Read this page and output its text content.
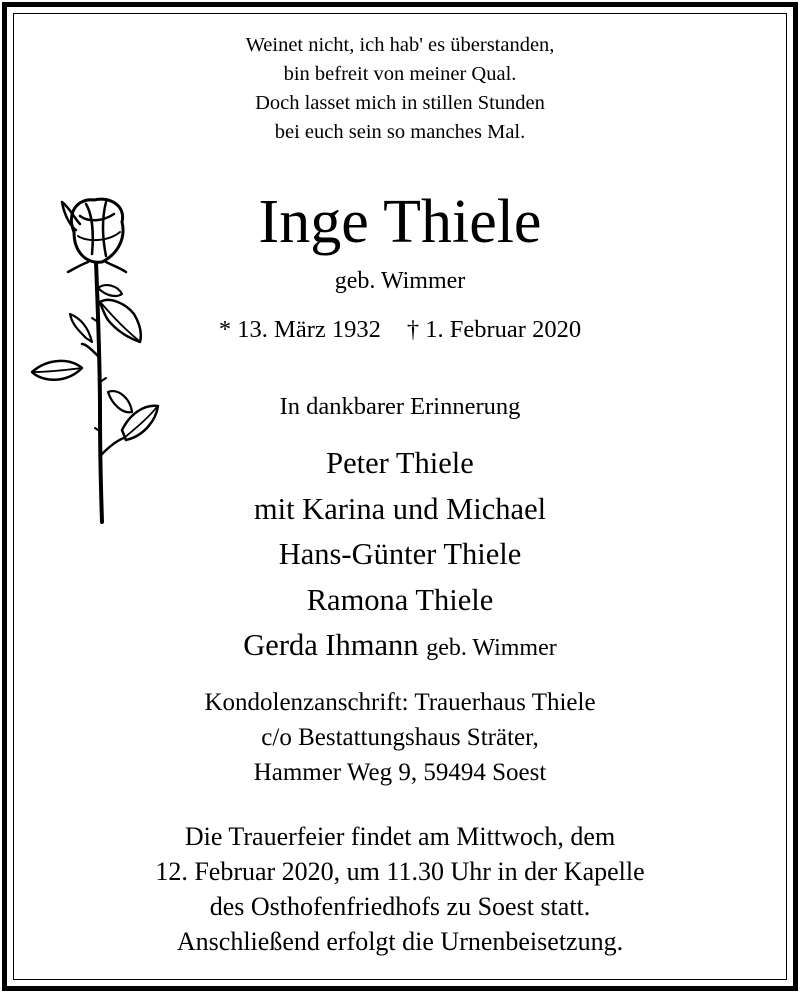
Weinet nicht, ich hab' es überstanden,
bin befreit von meiner Qual.
Doch lasset mich in stillen Stunden
bei euch sein so manches Mal.
Inge Thiele
geb. Wimmer
* 13. März 1932 † 1. Februar 2020
In dankbarer Erinnerung
Peter Thiele
mit Karina und Michael
Hans-Günter Thiele
Ramona Thiele
Gerda Ihmann geb. Wimmer
Kondolenzanschrift: Trauerhaus Thiele
c/o Bestattungshaus Sträter,
Hammer Weg 9, 59494 Soest
Die Trauerfeier findet am Mittwoch, dem
12. Februar 2020, um 11.30 Uhr in der Kapelle
des Osthofenfriedhofs zu Soest statt.
Anschließend erfolgt die Urnenbeisetzung.
